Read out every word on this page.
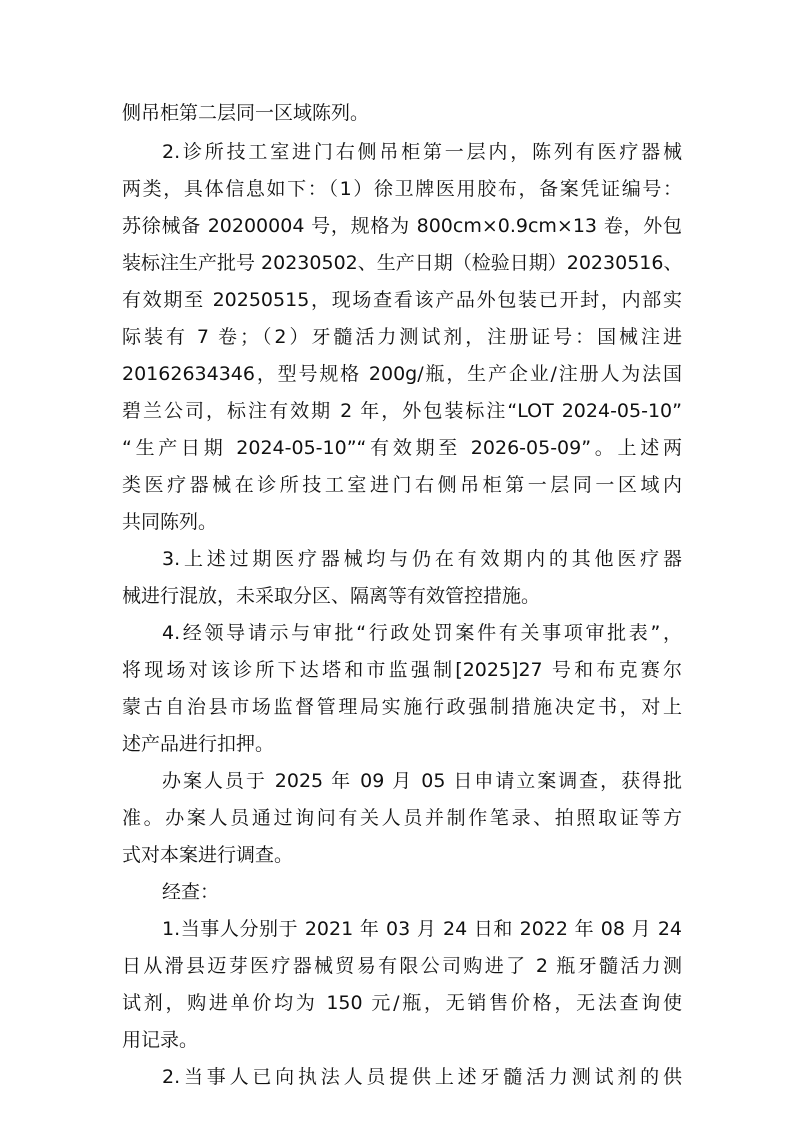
侧吊柜第二层同一区域陈列。
2.诊所技工室进门右侧吊柜第一层内，陈列有医疗器械
两类，具体信息如下：（1）徐卫牌医用胶布，备案凭证编号：
苏徐械备 20200004 号，规格为 800cm×0.9cm×13 卷，外包
装标注生产批号 20230502、生产日期（检验日期）20230516、
有效期至 20250515，现场查看该产品外包装已开封，内部实
际装有 7 卷；（2）牙髓活力测试剂，注册证号：国械注进
20162634346，型号规格 200g/瓶，生产企业/注册人为法国
碧兰公司，标注有效期 2 年，外包装标注“LOT 2024-05-10”
“生产日期 2024-05-10”“有效期至 2026-05-09”。上述两
类医疗器械在诊所技工室进门右侧吊柜第一层同一区域内
共同陈列。
3.上述过期医疗器械均与仍在有效期内的其他医疗器
械进行混放，未采取分区、隔离等有效管控措施。
4.经领导请示与审批“行政处罚案件有关事项审批表”，
将现场对该诊所下达塔和市监强制[2025]27 号和布克赛尔
蒙古自治县市场监督管理局实施行政强制措施决定书，对上
述产品进行扣押。
办案人员于 2025 年 09 月 05 日申请立案调查，获得批
准。办案人员通过询问有关人员并制作笔录、拍照取证等方
式对本案进行调查。
经查：
1.当事人分别于 2021 年 03 月 24 日和 2022 年 08 月 24
日从滑县迈芽医疗器械贸易有限公司购进了 2 瓶牙髓活力测
试剂，购进单价均为 150 元/瓶，无销售价格，无法查询使
用记录。
2.当事人已向执法人员提供上述牙髓活力测试剂的供
